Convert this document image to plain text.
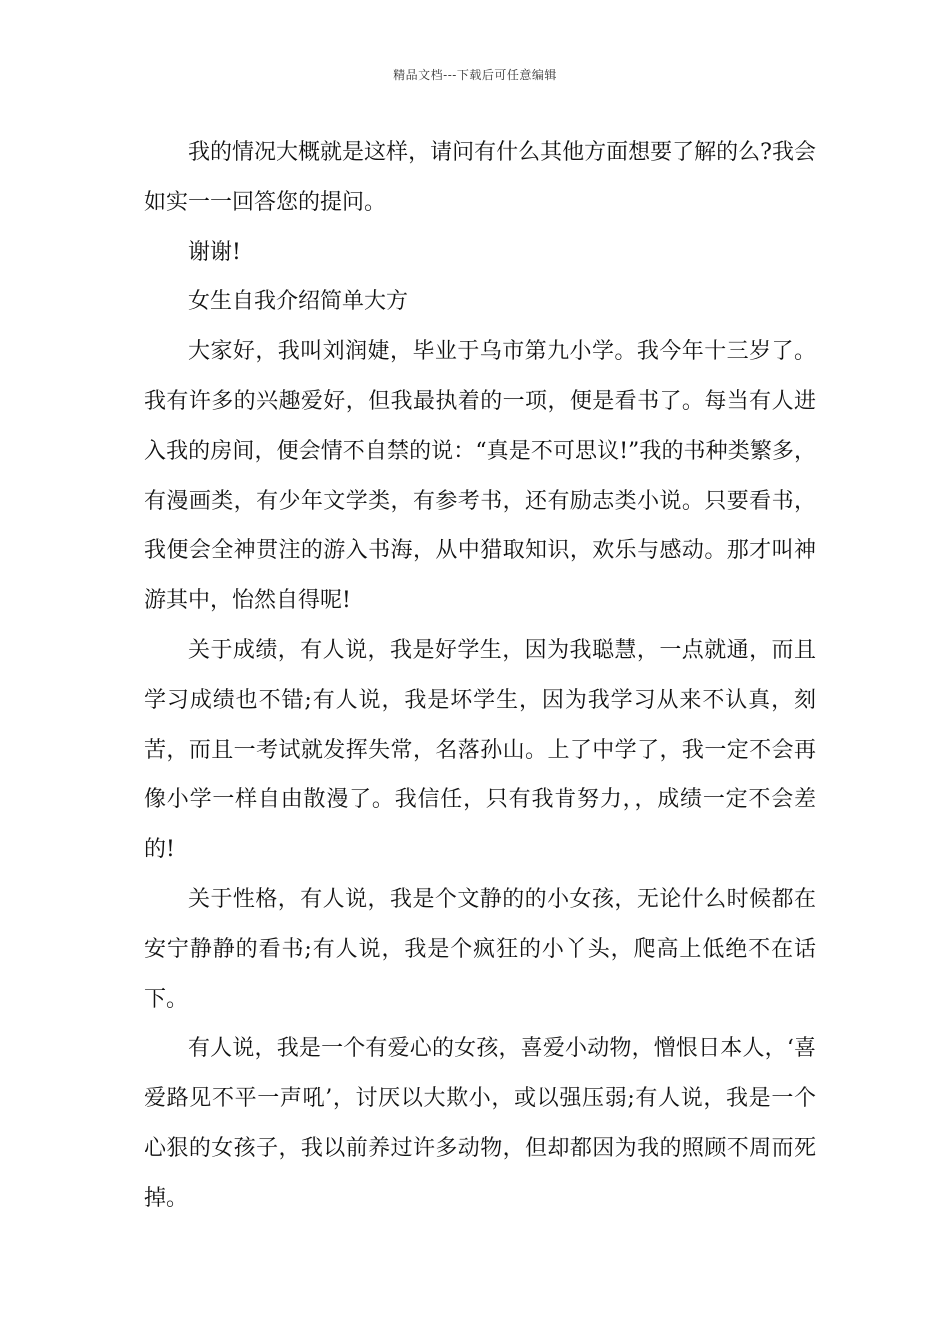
精品文档---下载后可任意编辑

我的情况大概就是这样，请问有什么其他方面想要了解的么?我会如实一一回答您的提问。

谢谢!

女生自我介绍简单大方

大家好，我叫刘润婕，毕业于乌市第九小学。我今年十三岁了。我有许多的兴趣爱好，但我最执着的一项，便是看书了。每当有人进入我的房间，便会情不自禁的说：“真是不可思议!”我的书种类繁多，有漫画类，有少年文学类，有参考书，还有励志类小说。只要看书，我便会全神贯注的游入书海，从中猎取知识，欢乐与感动。那才叫神游其中，怡然自得呢!

关于成绩，有人说，我是好学生，因为我聪慧，一点就通，而且学习成绩也不错;有人说，我是坏学生，因为我学习从来不认真，刻苦，而且一考试就发挥失常，名落孙山。上了中学了，我一定不会再像小学一样自由散漫了。我信任，只有我肯努力，，成绩一定不会差的!

关于性格，有人说，我是个文静的的小女孩，无论什么时候都在安宁静静的看书;有人说，我是个疯狂的小丫头，爬高上低绝不在话下。

有人说，我是一个有爱心的女孩，喜爱小动物，憎恨日本人，‘喜爱路见不平一声吼’，讨厌以大欺小，或以强压弱;有人说，我是一个心狠的女孩子，我以前养过许多动物，但却都因为我的照顾不周而死掉。
